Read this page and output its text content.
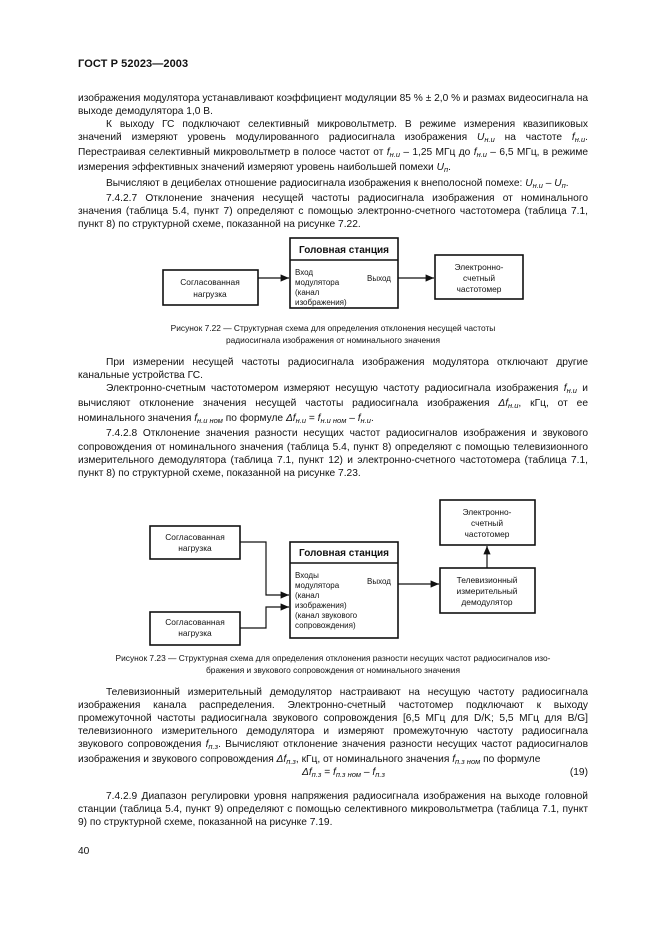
ГОСТ Р 52023—2003

изображения модулятора устанавливают коэффициент модуляции 85 % ± 2,0 % и размах видеосигнала на выходе демодулятора 1,0 В.

К выходу ГС подключают селективный микровольтметр. В режиме измерения квазипиковых значений измеряют уровень модулированного радиосигнала изображения $U_{н.и}$ на частоте $f_{н.и}$. Перестраивая селективный микровольтметр в полосе частот от $f_{н.и} - 1,25$ МГц до $f_{н.и} - 6,5$ МГц, в режиме измерения эффективных значений измеряют уровень наибольшей помехи $U_п$.

Вычисляют в децибелах отношение радиосигнала изображения к внеполосной помехе: $U_{н.и} - U_п$.

7.4.2.7 Отклонение значения несущей частоты радиосигнала изображения от номинального значения (таблица 5.4, пункт 7) определяют с помощью электронно-счетного частотомера (таблица 7.1, пункт 8) по структурной схеме, показанной на рисунке 7.22.

Согласованная
нагрузка
Головная станция
Вход
модулятора
(канал
изображения)
Выход
Электронно-
счетный
частотомер

Рисунок 7.22 — Структурная схема для определения отклонения несущей частоты

радиосигнала изображения от номинального значения

При измерении несущей частоты радиосигнала изображения модулятора отключают другие канальные устройства ГС.

Электронно-счетным частотомером измеряют несущую частоту радиосигнала изображения $f_{н.и}$ и вычисляют отклонение значения несущей частоты радиосигнала изображения $\Delta f_{н.и}$, кГц, от ее номинального значения $f_{н.и ном}$ по формуле $\Delta f_{н.и} = f_{н.и ном} - f_{н.и}$.

7.4.2.8 Отклонение значения разности несущих частот радиосигналов изображения и звукового сопровождения от номинального значения (таблица 5.4, пункт 8) определяют с помощью телевизионного измерительного демодулятора (таблица 7.1, пункт 12) и электронно-счетного частотомера (таблица 7.1, пункт 8) по структурной схеме, показанной на рисунке 7.23.

Согласованная
нагрузка
Согласованная
нагрузка
Головная станция
Входы
модулятора
(канал
изображения)
(канал звукового
сопровождения)
Выход
Электронно-
счетный
частотомер
Телевизионный
измерительный
демодулятор

Рисунок 7.23 — Структурная схема для определения отклонения разности несущих частот радиосигналов изо-

бражения и звукового сопровождения от номинального значения

Телевизионный измерительный демодулятор настраивают на несущую частоту радиосигнала изображения канала распределения. Электронно-счетный частотомер подключают к выходу промежуточной частоты радиосигнала звукового сопровождения [6,5 МГц для D/K; 5,5 МГц для B/G] телевизионного измерительного демодулятора и измеряют промежуточную частоту радиосигнала звукового сопровождения $f_{п.з}$. Вычисляют отклонение значения разности несущих частот радиосигналов изображения и звукового сопровождения $\Delta f_{п.з}$, кГц, от номинального значения $f_{п.з ном}$ по формуле

$\Delta f_{п.з} = f_{п.з ном} - f_{п.з}$	(19)

7.4.2.9 Диапазон регулировки уровня напряжения радиосигнала изображения на выходе головной станции (таблица 5.4, пункт 9) определяют с помощью селективного микровольтметра (таблица 7.1, пункт 9) по структурной схеме, показанной на рисунке 7.19.

40
